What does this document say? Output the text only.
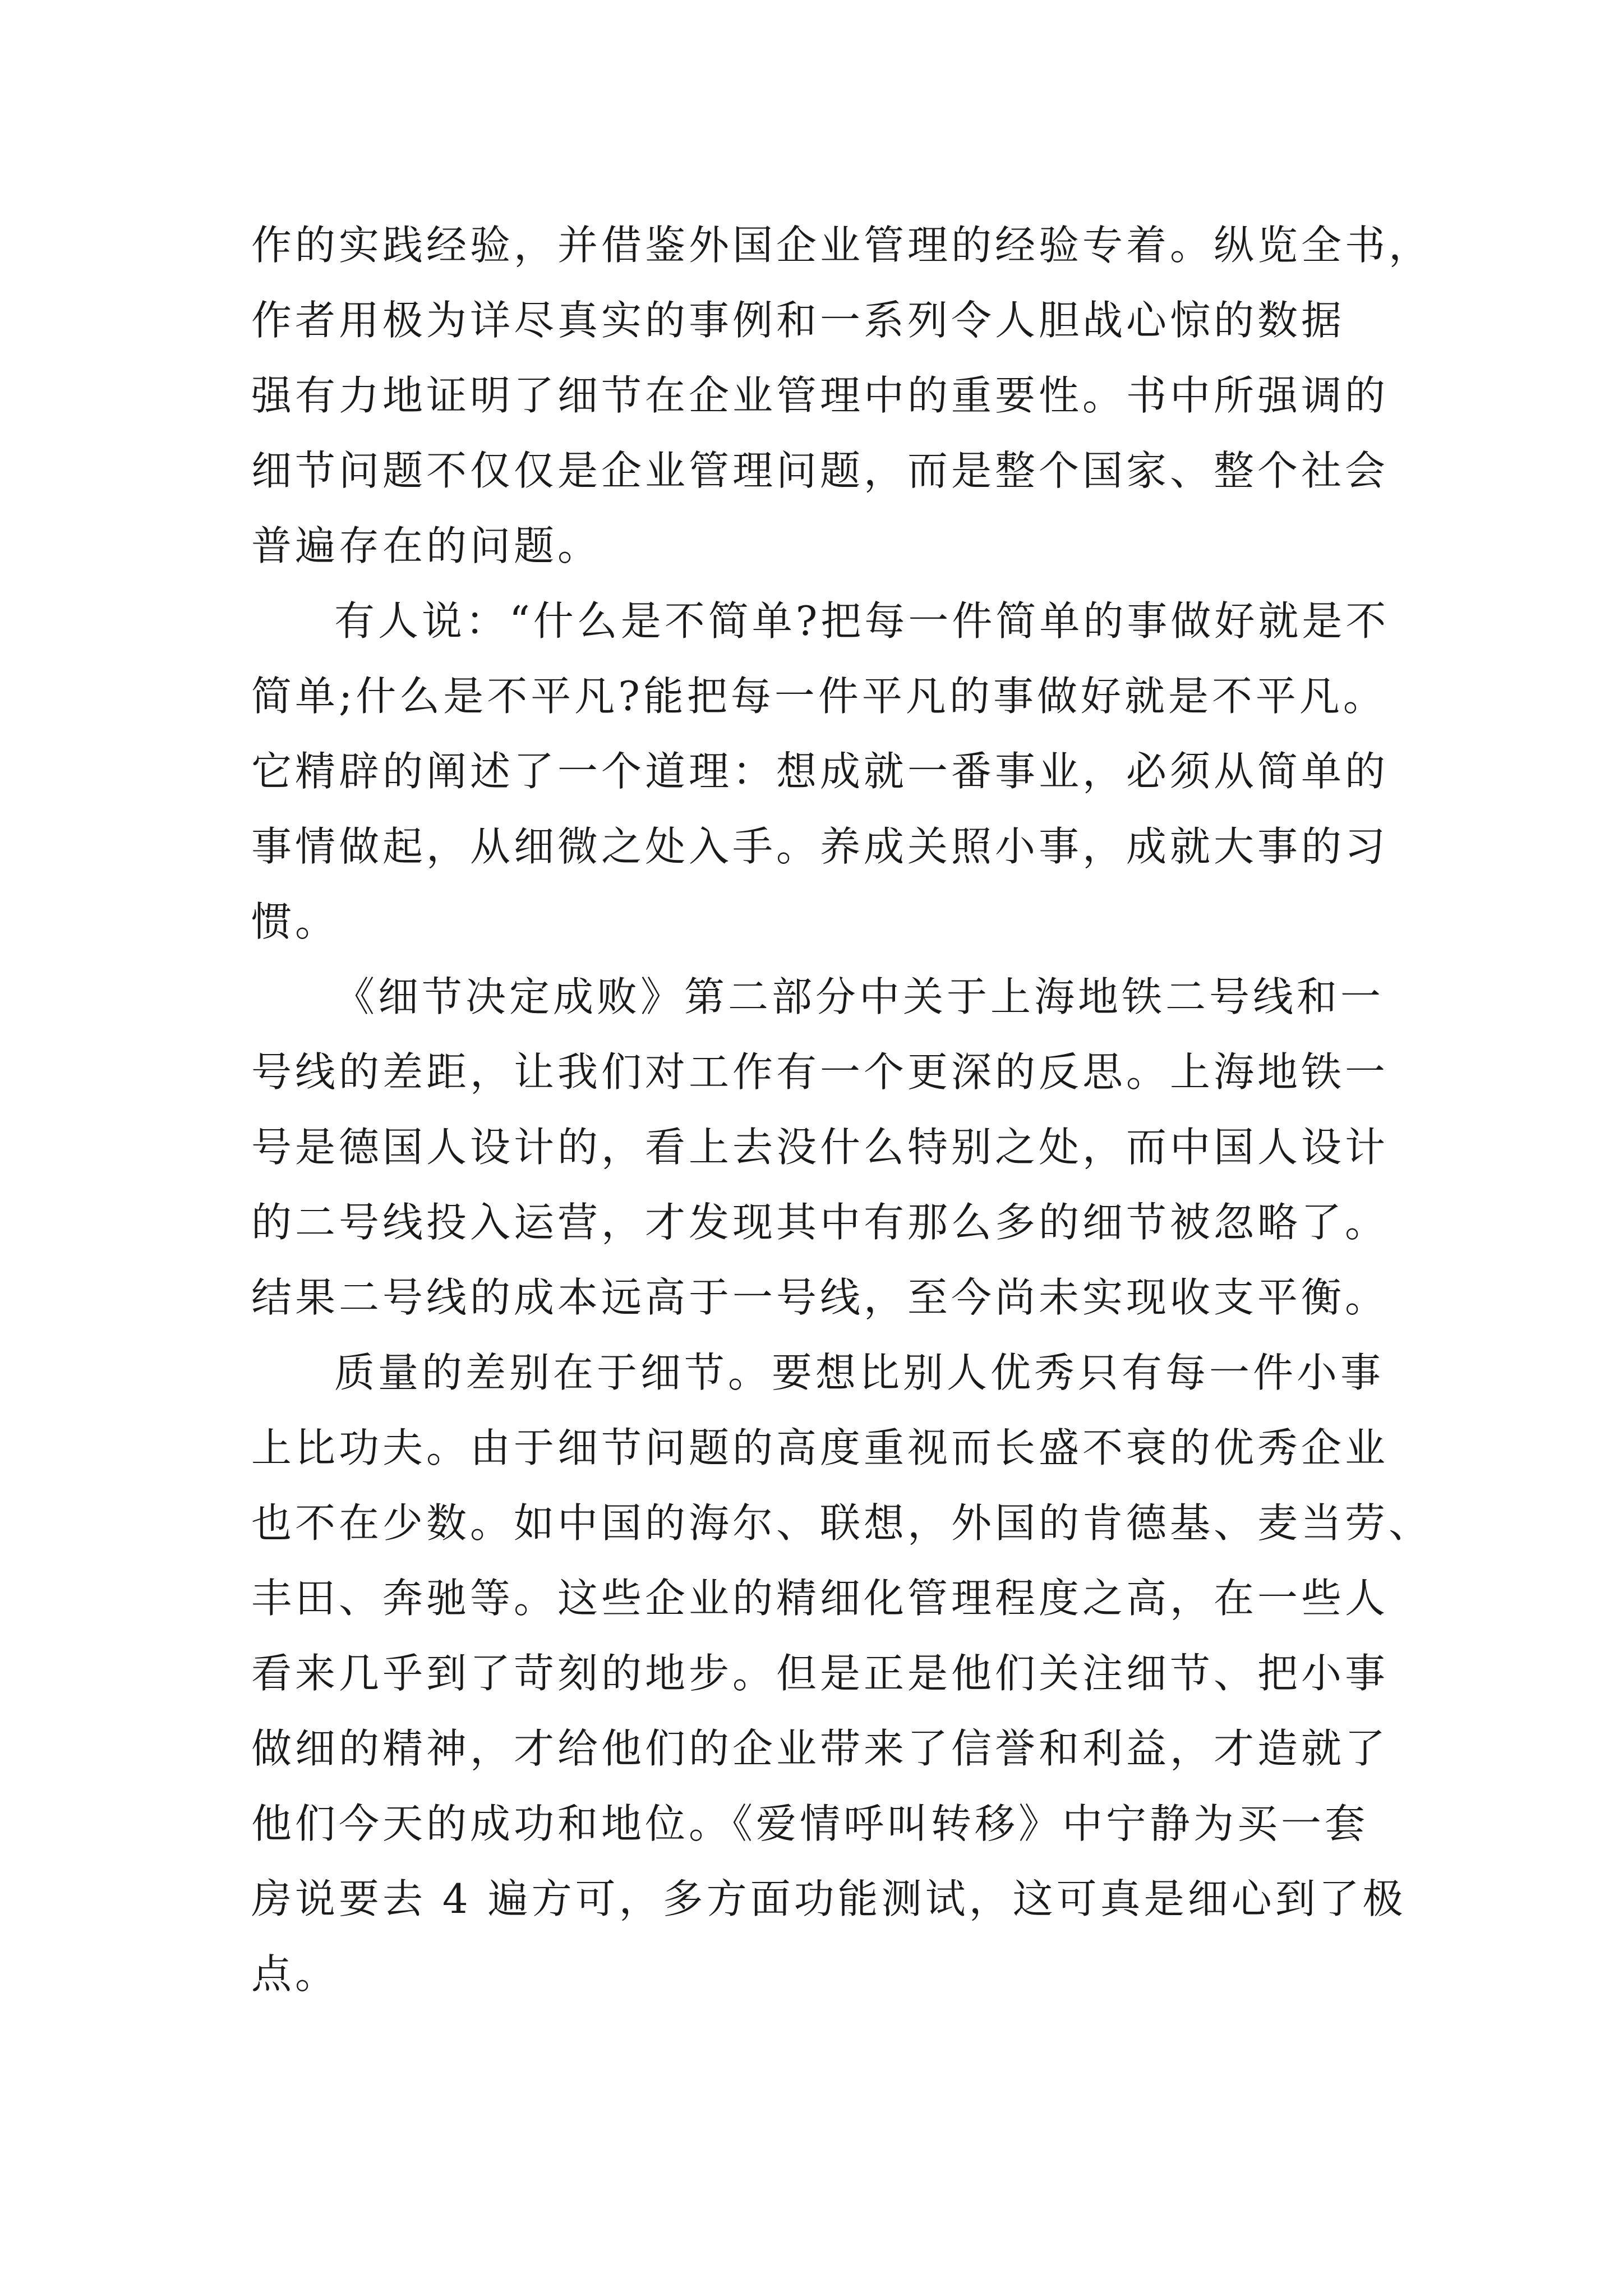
作的实践经验，并借鉴外国企业管理的经验专着。纵览全书，
作者用极为详尽真实的事例和一系列令人胆战心惊的数据
强有力地证明了细节在企业管理中的重要性。书中所强调的
细节问题不仅仅是企业管理问题，而是整个国家、整个社会
普遍存在的问题。
有人说：“什么是不简单?把每一件简单的事做好就是不
简单;什么是不平凡?能把每一件平凡的事做好就是不平凡。
它精辟的阐述了一个道理：想成就一番事业，必须从简单的
事情做起，从细微之处入手。养成关照小事，成就大事的习
惯。
《细节决定成败》第二部分中关于上海地铁二号线和一
号线的差距，让我们对工作有一个更深的反思。上海地铁一
号是德国人设计的，看上去没什么特别之处，而中国人设计
的二号线投入运营，才发现其中有那么多的细节被忽略了。
结果二号线的成本远高于一号线，至今尚未实现收支平衡。
质量的差别在于细节。要想比别人优秀只有每一件小事
上比功夫。由于细节问题的高度重视而长盛不衰的优秀企业
也不在少数。如中国的海尔、联想，外国的肯德基、麦当劳、
丰田、奔驰等。这些企业的精细化管理程度之高，在一些人
看来几乎到了苛刻的地步。但是正是他们关注细节、把小事
做细的精神，才给他们的企业带来了信誉和利益，才造就了
他们今天的成功和地位。《爱情呼叫转移》中宁静为买一套
房说要去 4 遍方可，多方面功能测试，这可真是细心到了极
点。
